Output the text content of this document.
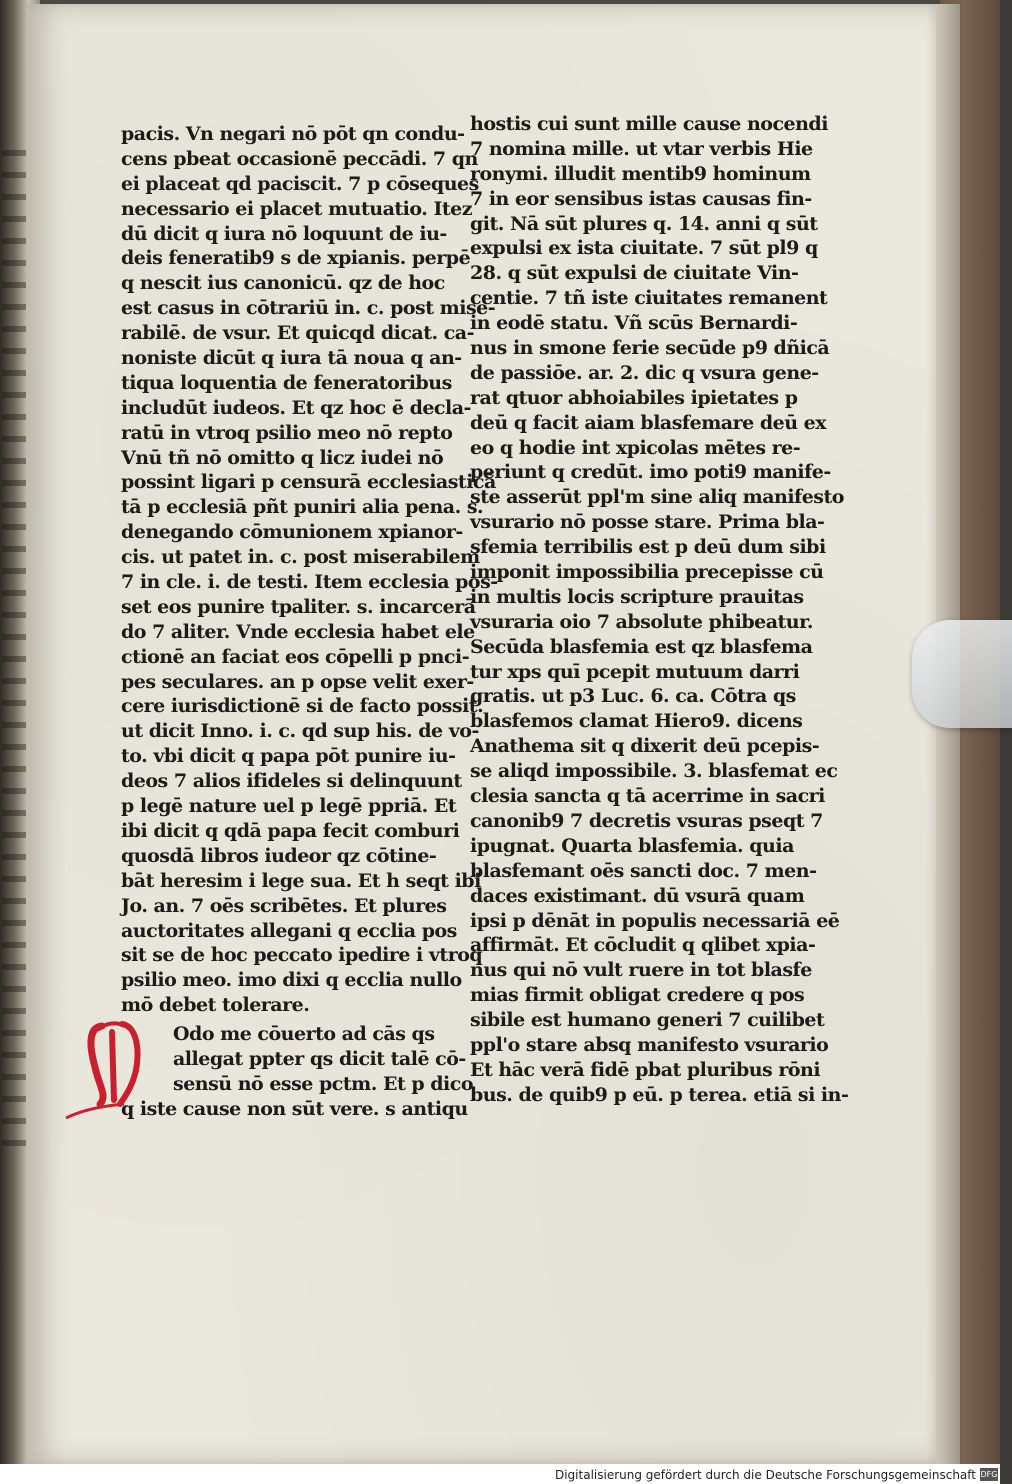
pacis. Vn negari nō pōt qn condu-
cens pbeat occasionē peccādi. 7 qn
ei placeat qd paciscit. 7 p cōseques
necessario ei placet mutuatio. Itez
dū dicit q iura nō loquunt de iu-
deis feneratib9 s de xpianis. perpē
q nescit ius canonicū. qz de hoc
est casus in cōtrariū in. c. post mise-
rabilē. de vsur. Et quicqd dicat. ca-
noniste dicūt q iura tā noua q an-
tiqua loquentia de feneratoribus
includūt iudeos. Et qz hoc ē decla-
ratū in vtroq psilio meo nō repto
Vnū tñ nō omitto q licz iudei nō
possint ligari p censurā ecclesiasticā
tā p ecclesiā pñt puniri alia pena. s.
denegando cōmunionem xpianor-
cis. ut patet in. c. post miserabilem
7 in cle. i. de testi. Item ecclesia pos-
set eos punire tpaliter. s. incarcerā
do 7 aliter. Vnde ecclesia habet ele
ctionē an faciat eos cōpelli p pnci-
pes seculares. an p opse velit exer-
cere iurisdictionē si de facto possit.
ut dicit Inno. i. c. qd sup his. de vo-
to. vbi dicit q papa pōt punire iu-
deos 7 alios ifideles si delinquunt
p legē nature uel p legē ppriā. Et
ibi dicit q qdā papa fecit comburi
quosdā libros iudeor qz cōtine-
bāt heresim i lege sua. Et h seqt ibi
Jo. an. 7 oēs scribētes. Et plures
auctoritates allegani q ecclia pos
sit se de hoc peccato ipedire i vtroq
psilio meo. imo dixi q ecclia nullo
mō debet tolerare.
Odo me cōuerto ad cās qs
allegat ppter qs dicit talē cō-
sensū nō esse pctm. Et p dico
q iste cause non sūt vere. s antiqu
hostis cui sunt mille cause nocendi
7 nomina mille. ut vtar verbis Hie
ronymi. illudit mentib9 hominum
7 in eor sensibus istas causas fin-
git. Nā sūt plures q. 14. anni q sūt
expulsi ex ista ciuitate. 7 sūt pl9 q
28. q sūt expulsi de ciuitate Vin-
centie. 7 tñ iste ciuitates remanent
in eodē statu. Vñ scūs Bernardi-
nus in smone ferie secūde p9 dñicā
de passiōe. ar. 2. dic q vsura gene-
rat qtuor abhoiabiles ipietates p
deū q facit aiam blasfemare deū ex
eo q hodie int xpicolas mētes re-
periunt q credūt. imo poti9 manife-
ste asserūt ppl'm sine aliq manifesto
vsurario nō posse stare. Prima bla-
sfemia terribilis est p deū dum sibi
imponit impossibilia precepisse cū
in multis locis scripture prauitas
vsuraria oio 7 absolute phibeatur.
Secūda blasfemia est qz blasfema
tur xps quī pcepit mutuum darri
gratis. ut p3 Luc. 6. ca. Cōtra qs
blasfemos clamat Hiero9. dicens
Anathema sit q dixerit deū pcepis-
se aliqd impossibile. 3. blasfemat ec
clesia sancta q tā acerrime in sacri
canonib9 7 decretis vsuras pseqt 7
ipugnat. Quarta blasfemia. quia
blasfemant oēs sancti doc. 7 men-
daces existimant. dū vsurā quam
ipsi p dēnāt in populis necessariā eē
affirmāt. Et cōcludit q qlibet xpia-
nus qui nō vult ruere in tot blasfe
mias firmit obligat credere q pos
sibile est humano generi 7 cuilibet
ppl'o stare absq manifesto vsurario
Et hāc verā fidē pbat pluribus rōni
bus. de quib9 p eū. p terea. etiā si in-
Digitalisierung gefördert durch die Deutsche Forschungsgemeinschaft DFG
